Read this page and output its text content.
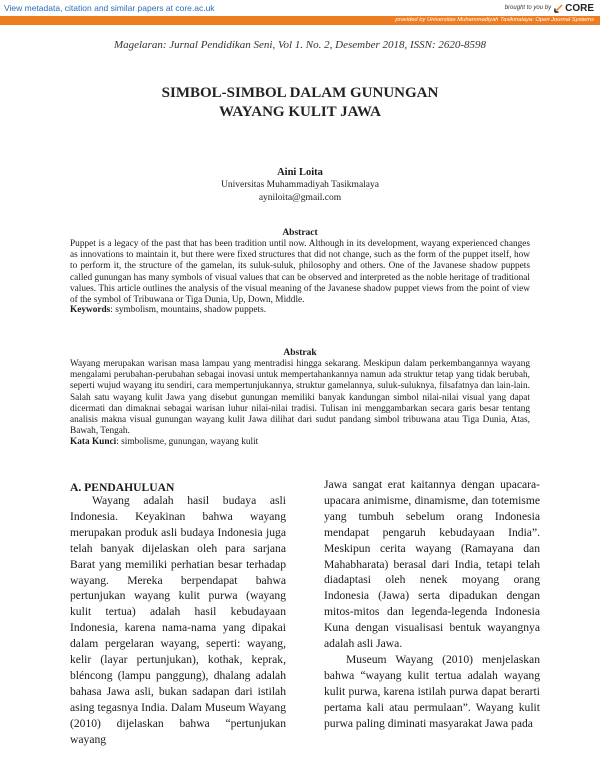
View metadata, citation and similar papers at core.ac.uk	brought to you by CORE
provided by Universitas Muhammadiyah Tasikmalaya: Open Journal Systems
Magelaran: Jurnal Pendidikan Seni, Vol 1. No. 2, Desember 2018, ISSN: 2620-8598
SIMBOL-SIMBOL DALAM GUNUNGAN
WAYANG KULIT JAWA
Aini Loita
Universitas Muhammadiyah Tasikmalaya
ayniloita@gmail.com
Abstract

Puppet is a legacy of the past that has been tradition until now. Although in its development, wayang experienced changes as innovations to maintain it, but there were fixed structures that did not change, such as the form of the puppet itself, how to perform it, the structure of the gamelan, its suluk-suluk, philosophy and others. One of the Javanese shadow puppets called gunungan has many symbols of visual values that can be observed and interpreted as the noble heritage of traditional values. This article outlines the analysis of the visual meaning of the Javanese shadow puppet views from the point of view of the symbol of Tribuwana or Tiga Dunia, Up, Down, Middle.

Keywords: symbolism, mountains, shadow puppets.

Abstrak

Wayang merupakan warisan masa lampau yang mentradisi hingga sekarang. Meskipun dalam perkembangannya wayang mengalami perubahan-perubahan sebagai inovasi untuk mempertahankannya namun ada struktur tetap yang tidak berubah, seperti wujud wayang itu sendiri, cara mempertunjukannya, struktur gamelannya, suluk-suluknya, filsafatnya dan lain-lain. Salah satu wayang kulit Jawa yang disebut gunungan memiliki banyak kandungan simbol nilai-nilai visual yang dapat dicermati dan dimaknai sebagai warisan luhur nilai-nilai tradisi. Tulisan ini menggambarkan secara garis besar tentang analisis makna visual gunungan wayang kulit Jawa dilihat dari sudut pandang simbol tribuwana atau Tiga Dunia, Atas, Bawah, Tengah.

Kata Kunci: simbolisme, gunungan, wayang kulit

A. PENDAHULUAN

Wayang adalah hasil budaya asli Indonesia. Keyakinan bahwa wayang merupakan produk asli budaya Indonesia juga telah banyak dijelaskan oleh para sarjana Barat yang memiliki perhatian besar terhadap wayang. Mereka berpendapat bahwa pertunjukan wayang kulit purwa (wayang kulit tertua) adalah hasil kebudayaan Indonesia, karena nama-nama yang dipakai dalam pergelaran wayang, seperti: wayang, kelir (layar pertunjukan), kothak, keprak, bléncong (lampu panggung), dhalang adalah bahasa Jawa asli, bukan sadapan dari istilah asing tegasnya India. Dalam Museum Wayang (2010) dijelaskan bahwa “pertunjukan wayang

Jawa sangat erat kaitannya dengan upacara-upacara animisme, dinamisme, dan totemisme yang tumbuh sebelum orang Indonesia mendapat pengaruh kebudayaan India”. Meskipun cerita wayang (Ramayana dan Mahabharata) berasal dari India, tetapi telah diadaptasi oleh nenek moyang orang Indonesia (Jawa) serta dipadukan dengan mitos-mitos dan legenda-legenda Indonesia Kuna dengan visualisasi bentuk wayangnya adalah asli Jawa.

Museum Wayang (2010) menjelaskan bahwa “wayang kulit tertua adalah wayang kulit purwa, karena istilah purwa dapat berarti pertama kali atau permulaan”. Wayang kulit purwa paling diminati masyarakat Jawa pada
